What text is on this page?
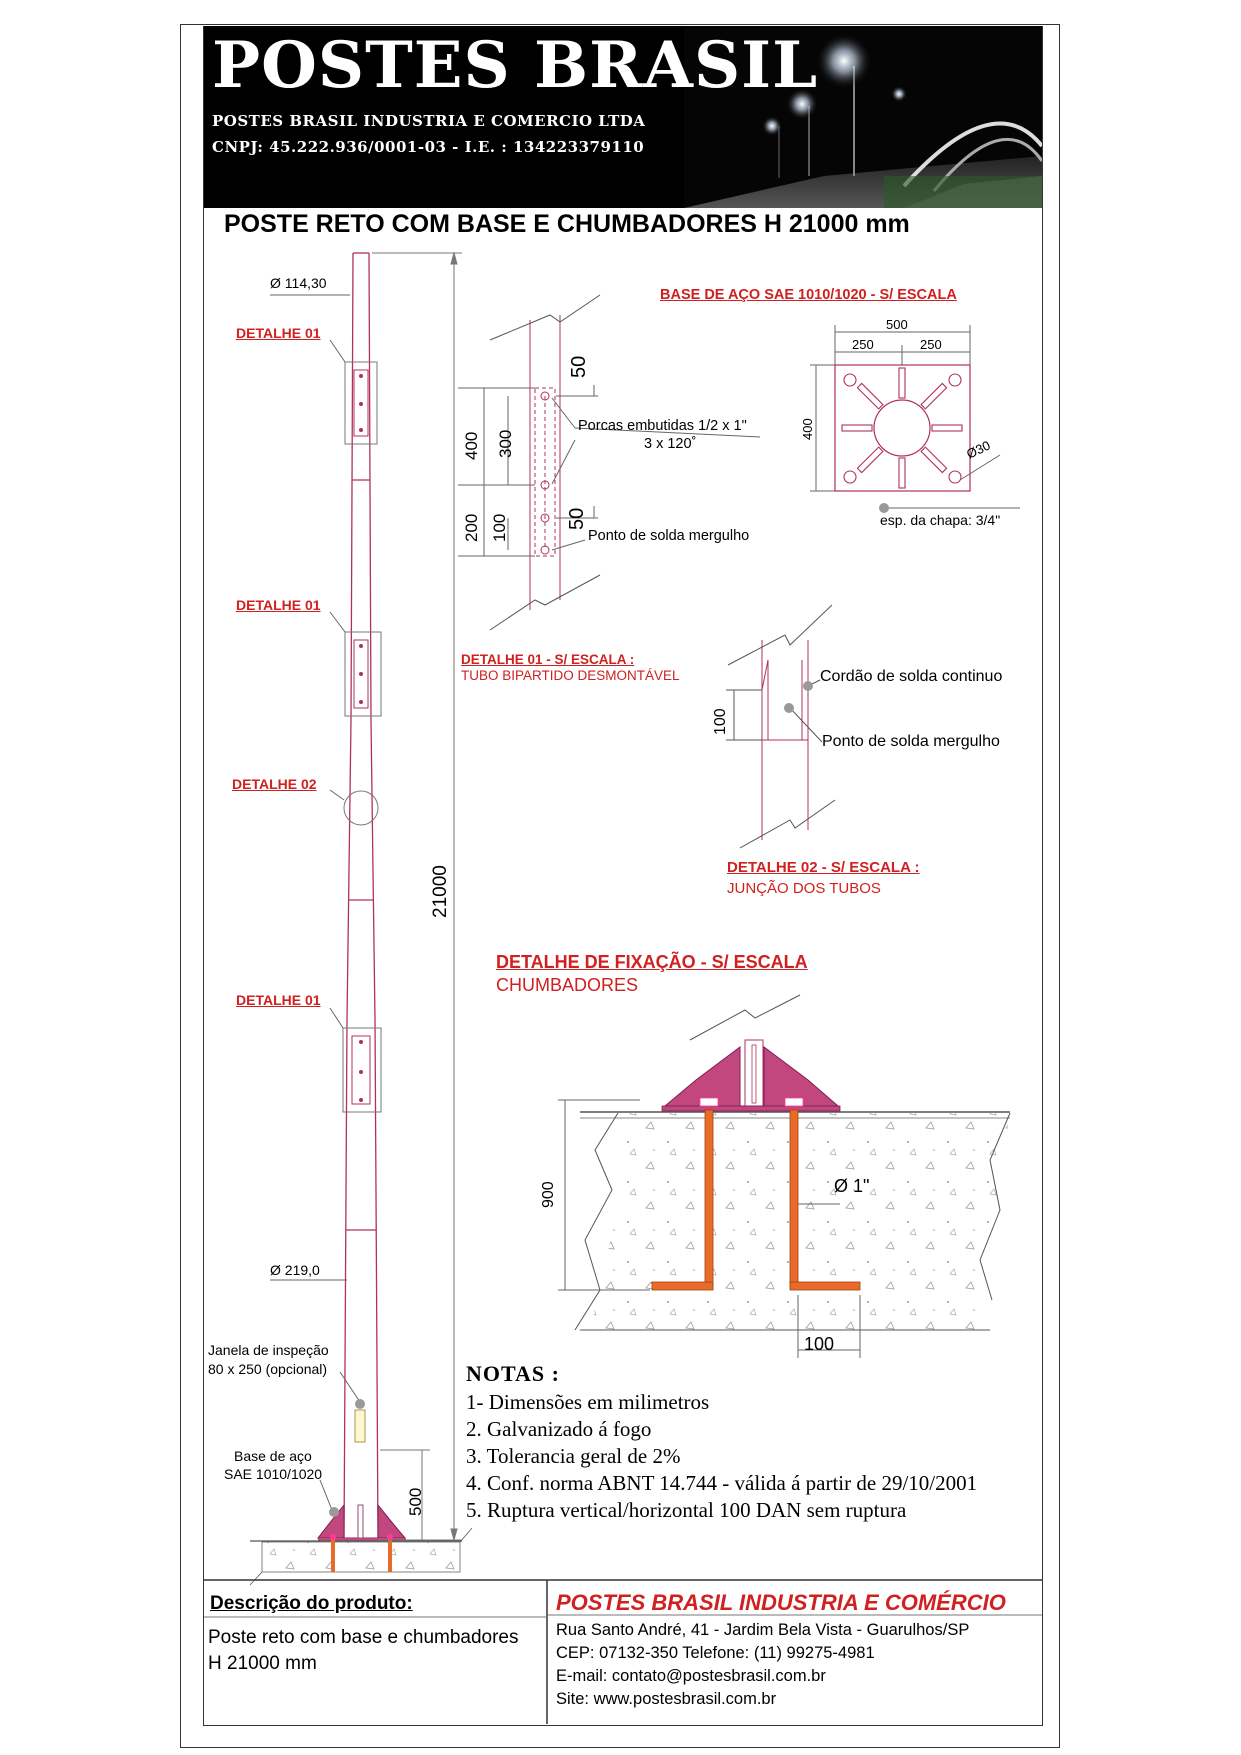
POSTES BRASIL
POSTES BRASIL INDUSTRIA E COMERCIO LTDA
CNPJ: 45.222.936/0001-03 - I.E. : 134223379110
POSTE RETO COM BASE E CHUMBADORES H 21000 mm
Ø 114,30
DETALHE 01
DETALHE 01
DETALHE 02
DETALHE 01
Ø 219,0
Janela de inspeção
80 x 250 (opcional)
Base de aço
SAE 1010/1020
21000
500
50
400 300
200 100	50
Porcas embutidas 1/2 x 1"
3 x 120˚
Ponto de solda mergulho
DETALHE 01 - S/ ESCALA :
TUBO BIPARTIDO DESMONTÁVEL
BASE DE AÇO SAE 1010/1020 - S/ ESCALA
500
250	250
400
Ø30
esp. da chapa: 3/4"
100
Cordão de solda continuo
Ponto de solda mergulho
DETALHE 02 - S/ ESCALA :
JUNÇÃO DOS TUBOS
DETALHE DE FIXAÇÃO - S/ ESCALA
CHUMBADORES
900	Ø 1"
100
NOTAS :
1- Dimensões em milimetros
2. Galvanizado á fogo
3. Tolerancia geral de 2%
4. Conf. norma ABNT 14.744 - válida á partir de 29/10/2001
5. Ruptura vertical/horizontal 100 DAN sem ruptura
Descrição do produto:
Poste reto com base e chumbadores
H 21000 mm
POSTES BRASIL INDUSTRIA E COMÉRCIO
Rua Santo André, 41 - Jardim Bela Vista - Guarulhos/SP
CEP: 07132-350 Telefone: (11) 99275-4981
E-mail: contato@postesbrasil.com.br
Site: www.postesbrasil.com.br
